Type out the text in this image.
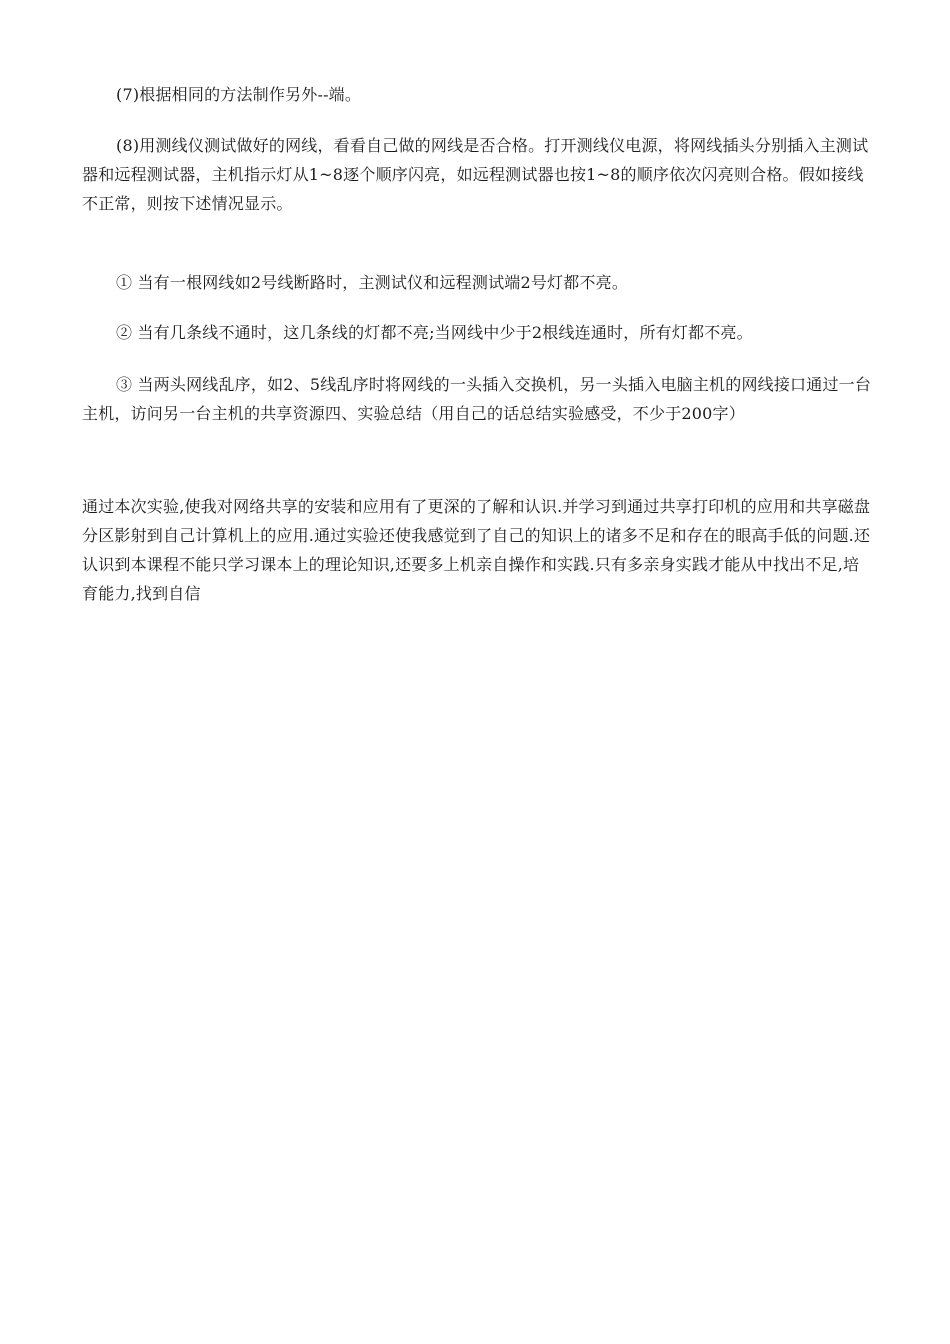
(7)根据相同的方法制作另外--端。

(8)用测线仪测试做好的网线，看看自己做的网线是否合格。打开测线仪电源，将网线插头分别插入主测试器和远程测试器，主机指示灯从1~8逐个顺序闪亮，如远程测试器也按1~8的顺序依次闪亮则合格。假如接线不正常，则按下述情况显示。

① 当有一根网线如2号线断路时，主测试仪和远程测试端2号灯都不亮。

② 当有几条线不通时，这几条线的灯都不亮;当网线中少于2根线连通时，所有灯都不亮。

③ 当两头网线乱序，如2、5线乱序时将网线的一头插入交换机，另一头插入电脑主机的网线接口通过一台主机，访问另一台主机的共享资源四、实验总结（用自己的话总结实验感受，不少于200字）

通过本次实验,使我对网络共享的安装和应用有了更深的了解和认识.并学习到通过共享打印机的应用和共享磁盘分区影射到自己计算机上的应用.通过实验还使我感觉到了自己的知识上的诸多不足和存在的眼高手低的问题.还认识到本课程不能只学习课本上的理论知识,还要多上机亲自操作和实践.只有多亲身实践才能从中找出不足,培育能力,找到自信
